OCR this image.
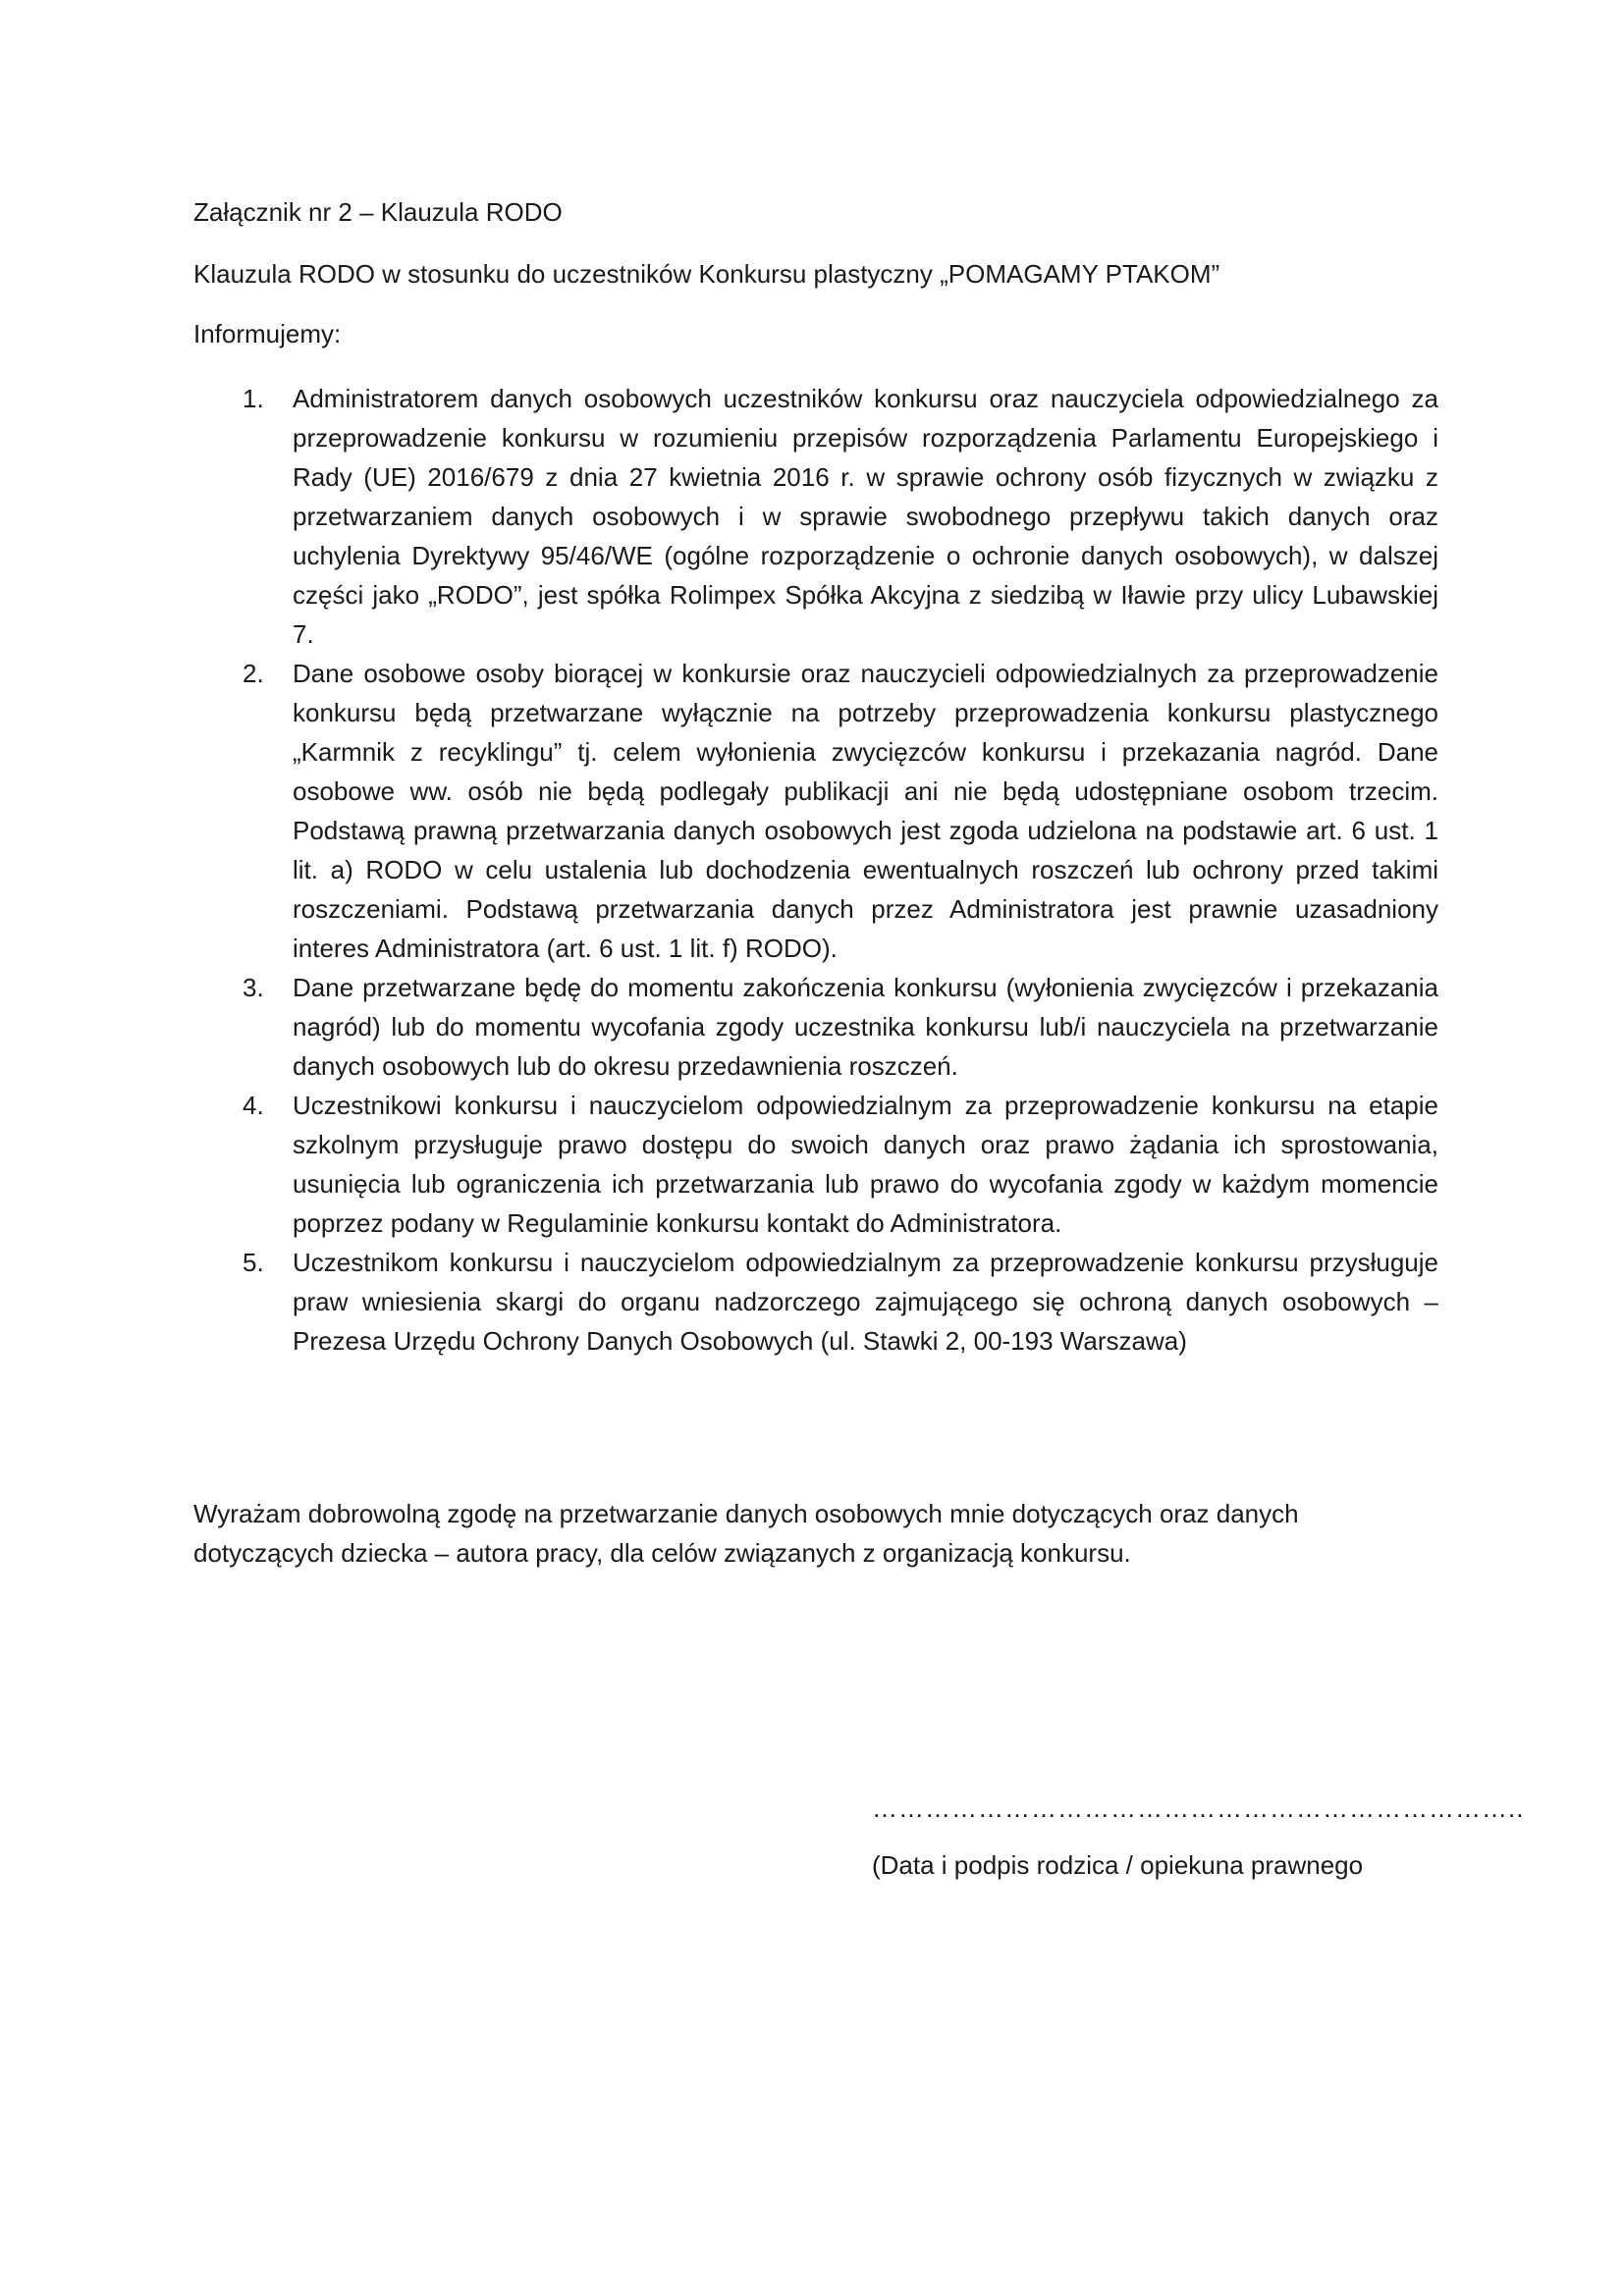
Załącznik nr 2 – Klauzula RODO
Klauzula RODO w stosunku do uczestników Konkursu plastyczny „POMAGAMY PTAKOM”
Informujemy:
1. Administratorem danych osobowych uczestników konkursu oraz nauczyciela odpowiedzialnego za przeprowadzenie konkursu w rozumieniu przepisów rozporządzenia Parlamentu Europejskiego i Rady (UE) 2016/679 z dnia 27 kwietnia 2016 r. w sprawie ochrony osób fizycznych w związku z przetwarzaniem danych osobowych i w sprawie swobodnego przepływu takich danych oraz uchylenia Dyrektywy 95/46/WE (ogólne rozporządzenie o ochronie danych osobowych), w dalszej części jako „RODO”, jest spółka Rolimpex Spółka Akcyjna z siedzibą w Iławie przy ulicy Lubawskiej 7.
2. Dane osobowe osoby biorącej w konkursie oraz nauczycieli odpowiedzialnych za przeprowadzenie konkursu będą przetwarzane wyłącznie na potrzeby przeprowadzenia konkursu plastycznego „Karmnik z recyklingu” tj. celem wyłonienia zwycięzców konkursu i przekazania nagród. Dane osobowe ww. osób nie będą podlegały publikacji ani nie będą udostępniane osobom trzecim. Podstawą prawną przetwarzania danych osobowych jest zgoda udzielona na podstawie art. 6 ust. 1 lit. a) RODO w celu ustalenia lub dochodzenia ewentualnych roszczeń lub ochrony przed takimi roszczeniami. Podstawą przetwarzania danych przez Administratora jest prawnie uzasadniony interes Administratora (art. 6 ust. 1 lit. f) RODO).
3. Dane przetwarzane będę do momentu zakończenia konkursu (wyłonienia zwycięzców i przekazania nagród) lub do momentu wycofania zgody uczestnika konkursu lub/i nauczyciela na przetwarzanie danych osobowych lub do okresu przedawnienia roszczeń.
4. Uczestnikowi konkursu i nauczycielom odpowiedzialnym za przeprowadzenie konkursu na etapie szkolnym przysługuje prawo dostępu do swoich danych oraz prawo żądania ich sprostowania, usunięcia lub ograniczenia ich przetwarzania lub prawo do wycofania zgody w każdym momencie poprzez podany w Regulaminie konkursu kontakt do Administratora.
5. Uczestnikom konkursu i nauczycielom odpowiedzialnym za przeprowadzenie konkursu przysługuje praw wniesienia skargi do organu nadzorczego zajmującego się ochroną danych osobowych – Prezesa Urzędu Ochrony Danych Osobowych (ul. Stawki 2, 00-193 Warszawa)

Wyrażam dobrowolną zgodę na przetwarzanie danych osobowych mnie dotyczących oraz danych dotyczących dziecka – autora pracy, dla celów związanych z organizacją konkursu.

………………………………………………………………..
(Data i podpis rodzica / opiekuna prawnego
